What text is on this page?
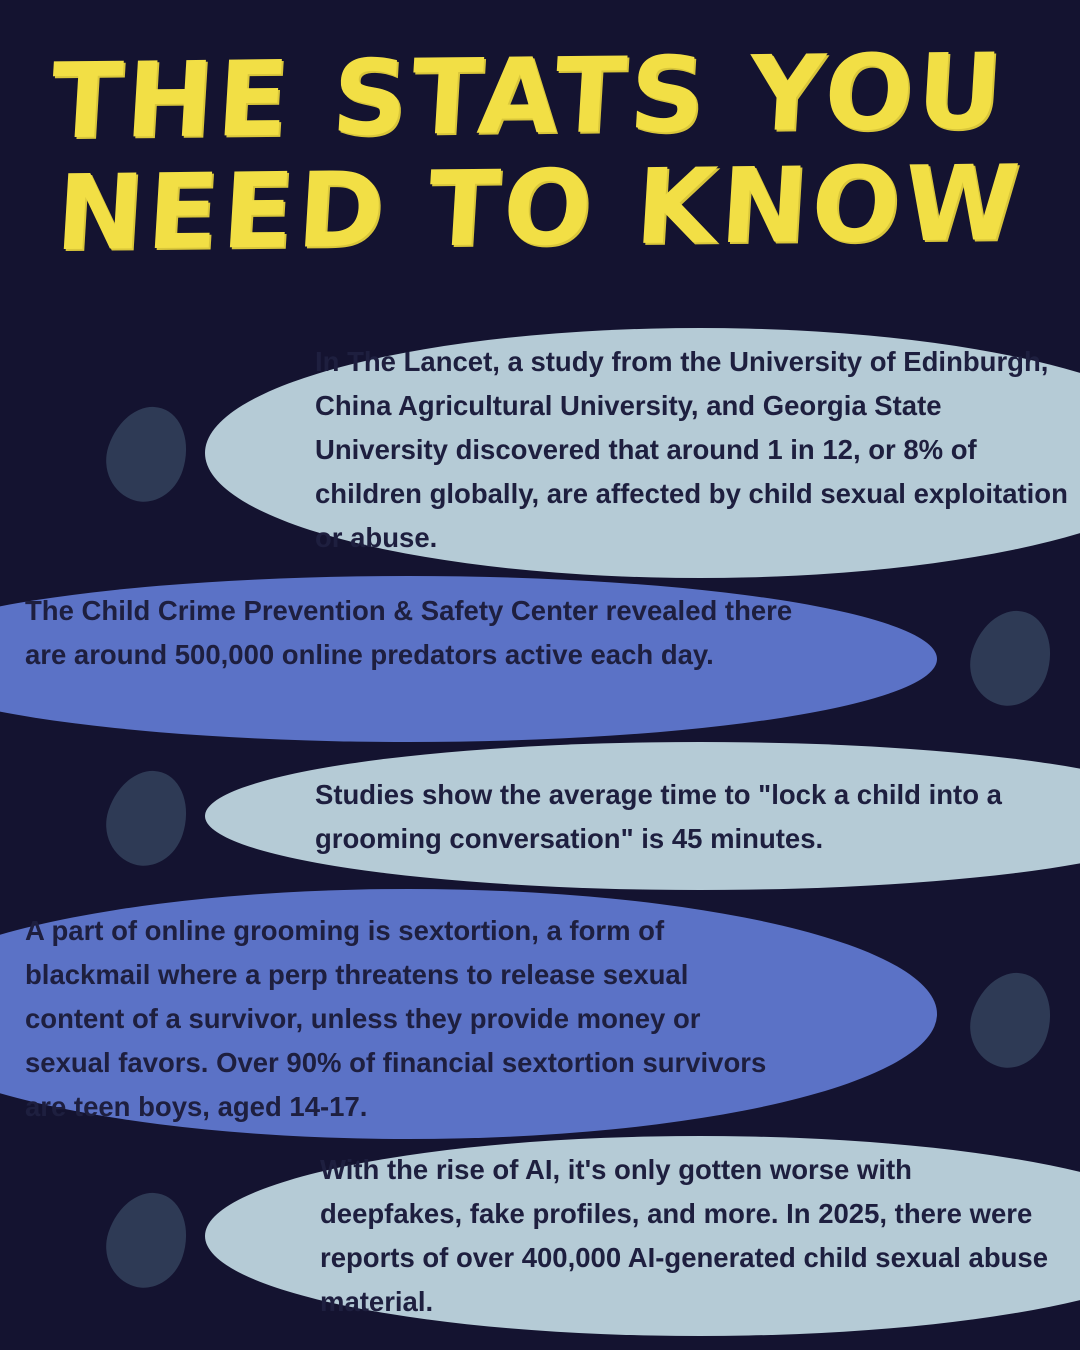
THE STATS YOU
NEED TO KNOW

In The Lancet, a study from the University of Edinburgh, China Agricultural University, and Georgia State University discovered that around 1 in 12, or 8% of children globally, are affected by child sexual exploitation or abuse.

The Child Crime Prevention & Safety Center revealed there are around 500,000 online predators active each day.

Studies show the average time to "lock a child into a grooming conversation" is 45 minutes.

A part of online grooming is sextortion, a form of blackmail where a perp threatens to release sexual content of a survivor, unless they provide money or sexual favors. Over 90% of financial sextortion survivors are teen boys, aged 14-17.

With the rise of AI, it's only gotten worse with deepfakes, fake profiles, and more. In 2025, there were reports of over 400,000 AI-generated child sexual abuse material.
